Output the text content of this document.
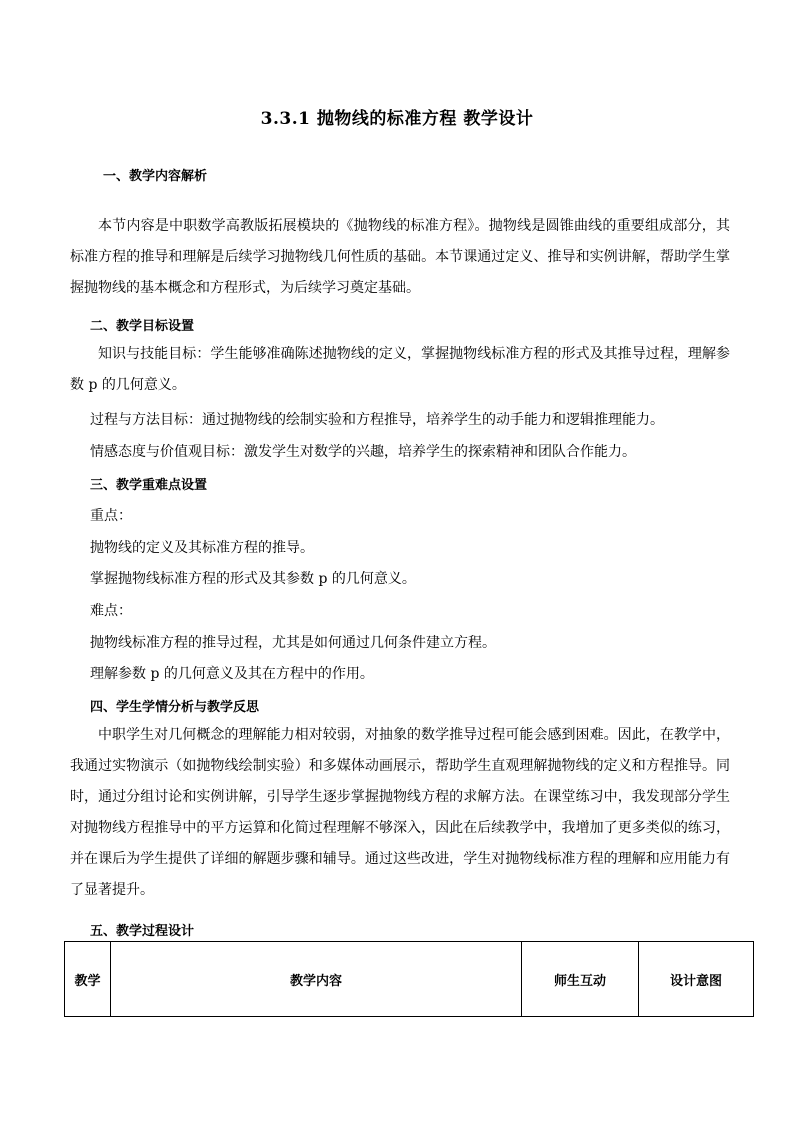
3.3.1 抛物线的标准方程 教学设计
一、教学内容解析
本节内容是中职数学高教版拓展模块的《抛物线的标准方程》。抛物线是圆锥曲线的重要组成部分，其标准方程的推导和理解是后续学习抛物线几何性质的基础。本节课通过定义、推导和实例讲解，帮助学生掌握抛物线的基本概念和方程形式，为后续学习奠定基础。
二、教学目标设置
知识与技能目标：学生能够准确陈述抛物线的定义，掌握抛物线标准方程的形式及其推导过程，理解参数 p 的几何意义。
过程与方法目标：通过抛物线的绘制实验和方程推导，培养学生的动手能力和逻辑推理能力。
情感态度与价值观目标：激发学生对数学的兴趣，培养学生的探索精神和团队合作能力。
三、教学重难点设置
重点：
抛物线的定义及其标准方程的推导。
掌握抛物线标准方程的形式及其参数 p 的几何意义。
难点：
抛物线标准方程的推导过程，尤其是如何通过几何条件建立方程。
理解参数 p 的几何意义及其在方程中的作用。
四、学生学情分析与教学反思
中职学生对几何概念的理解能力相对较弱，对抽象的数学推导过程可能会感到困难。因此，在教学中，我通过实物演示（如抛物线绘制实验）和多媒体动画展示，帮助学生直观理解抛物线的定义和方程推导。同时，通过分组讨论和实例讲解，引导学生逐步掌握抛物线方程的求解方法。在课堂练习中，我发现部分学生对抛物线方程推导中的平方运算和化简过程理解不够深入，因此在后续教学中，我增加了更多类似的练习，并在课后为学生提供了详细的解题步骤和辅导。通过这些改进，学生对抛物线标准方程的理解和应用能力有了显著提升。
五、教学过程设计
教学	教学内容	师生互动	设计意图
